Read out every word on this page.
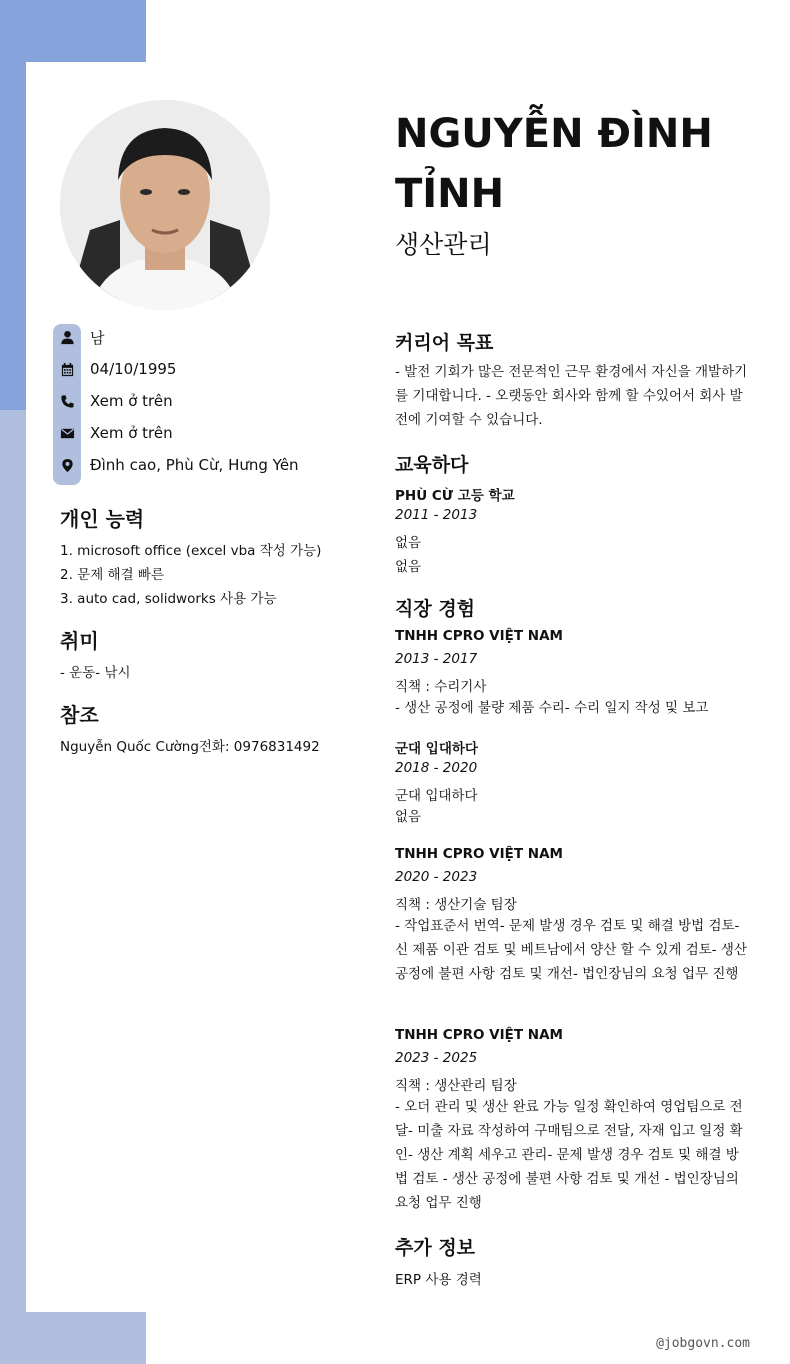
남
04/10/1995
Xem ở trên
Xem ở trên
Đình cao, Phù Cừ, Hưng Yên
개인 능력
1. microsoft office (excel vba 작성 가능)
2. 문제 해결 빠른
3. auto cad, solidworks 사용 가능
취미
- 운동- 낚시
참조
Nguyễn Quốc Cường전화: 0976831492
NGUYỄN ĐÌNH TỈNH
생산관리
커리어 목표
- 발전 기회가 많은 전문적인 근무 환경에서 자신을 개발하기를 기대합니다. - 오랫동안 회사와 함께 할 수있어서 회사 발전에 기여할 수 있습니다.
교육하다
PHÙ CỪ 고등 학교
2011 - 2013
없음
없음
직장 경험
TNHH CPRO VIỆT NAM
2013 - 2017
직책 : 수리기사
- 생산 공정에 불량 제품 수리- 수리 일지 작성 및 보고
군대 입대하다
2018 - 2020
군대 입대하다
없음
TNHH CPRO VIỆT NAM
2020 - 2023
직책 : 생산기술 팀장
- 작업표준서 번역- 문제 발생 경우 검토 및 해결 방법 검토- 신 제품 이관 검토 및 베트남에서 양산 할 수 있게 검토- 생산 공정에 불편 사항 검토 및 개선- 법인장님의 요청 업무 진행
TNHH CPRO VIỆT NAM
2023 - 2025
직책 : 생산관리 팀장
- 오더 관리 및 생산 완료 가능 일정 확인하여 영업팀으로 전달- 미출 자료 작성하여 구매팀으로 전달, 자재 입고 일정 확인- 생산 계획 세우고 관리- 문제 발생 경우 검토 및 해결 방법 검토 - 생산 공정에 불편 사항 검토 및 개선 - 법인장님의 요청 업무 진행
추가 정보
ERP 사용 경력
@jobgovn.com
